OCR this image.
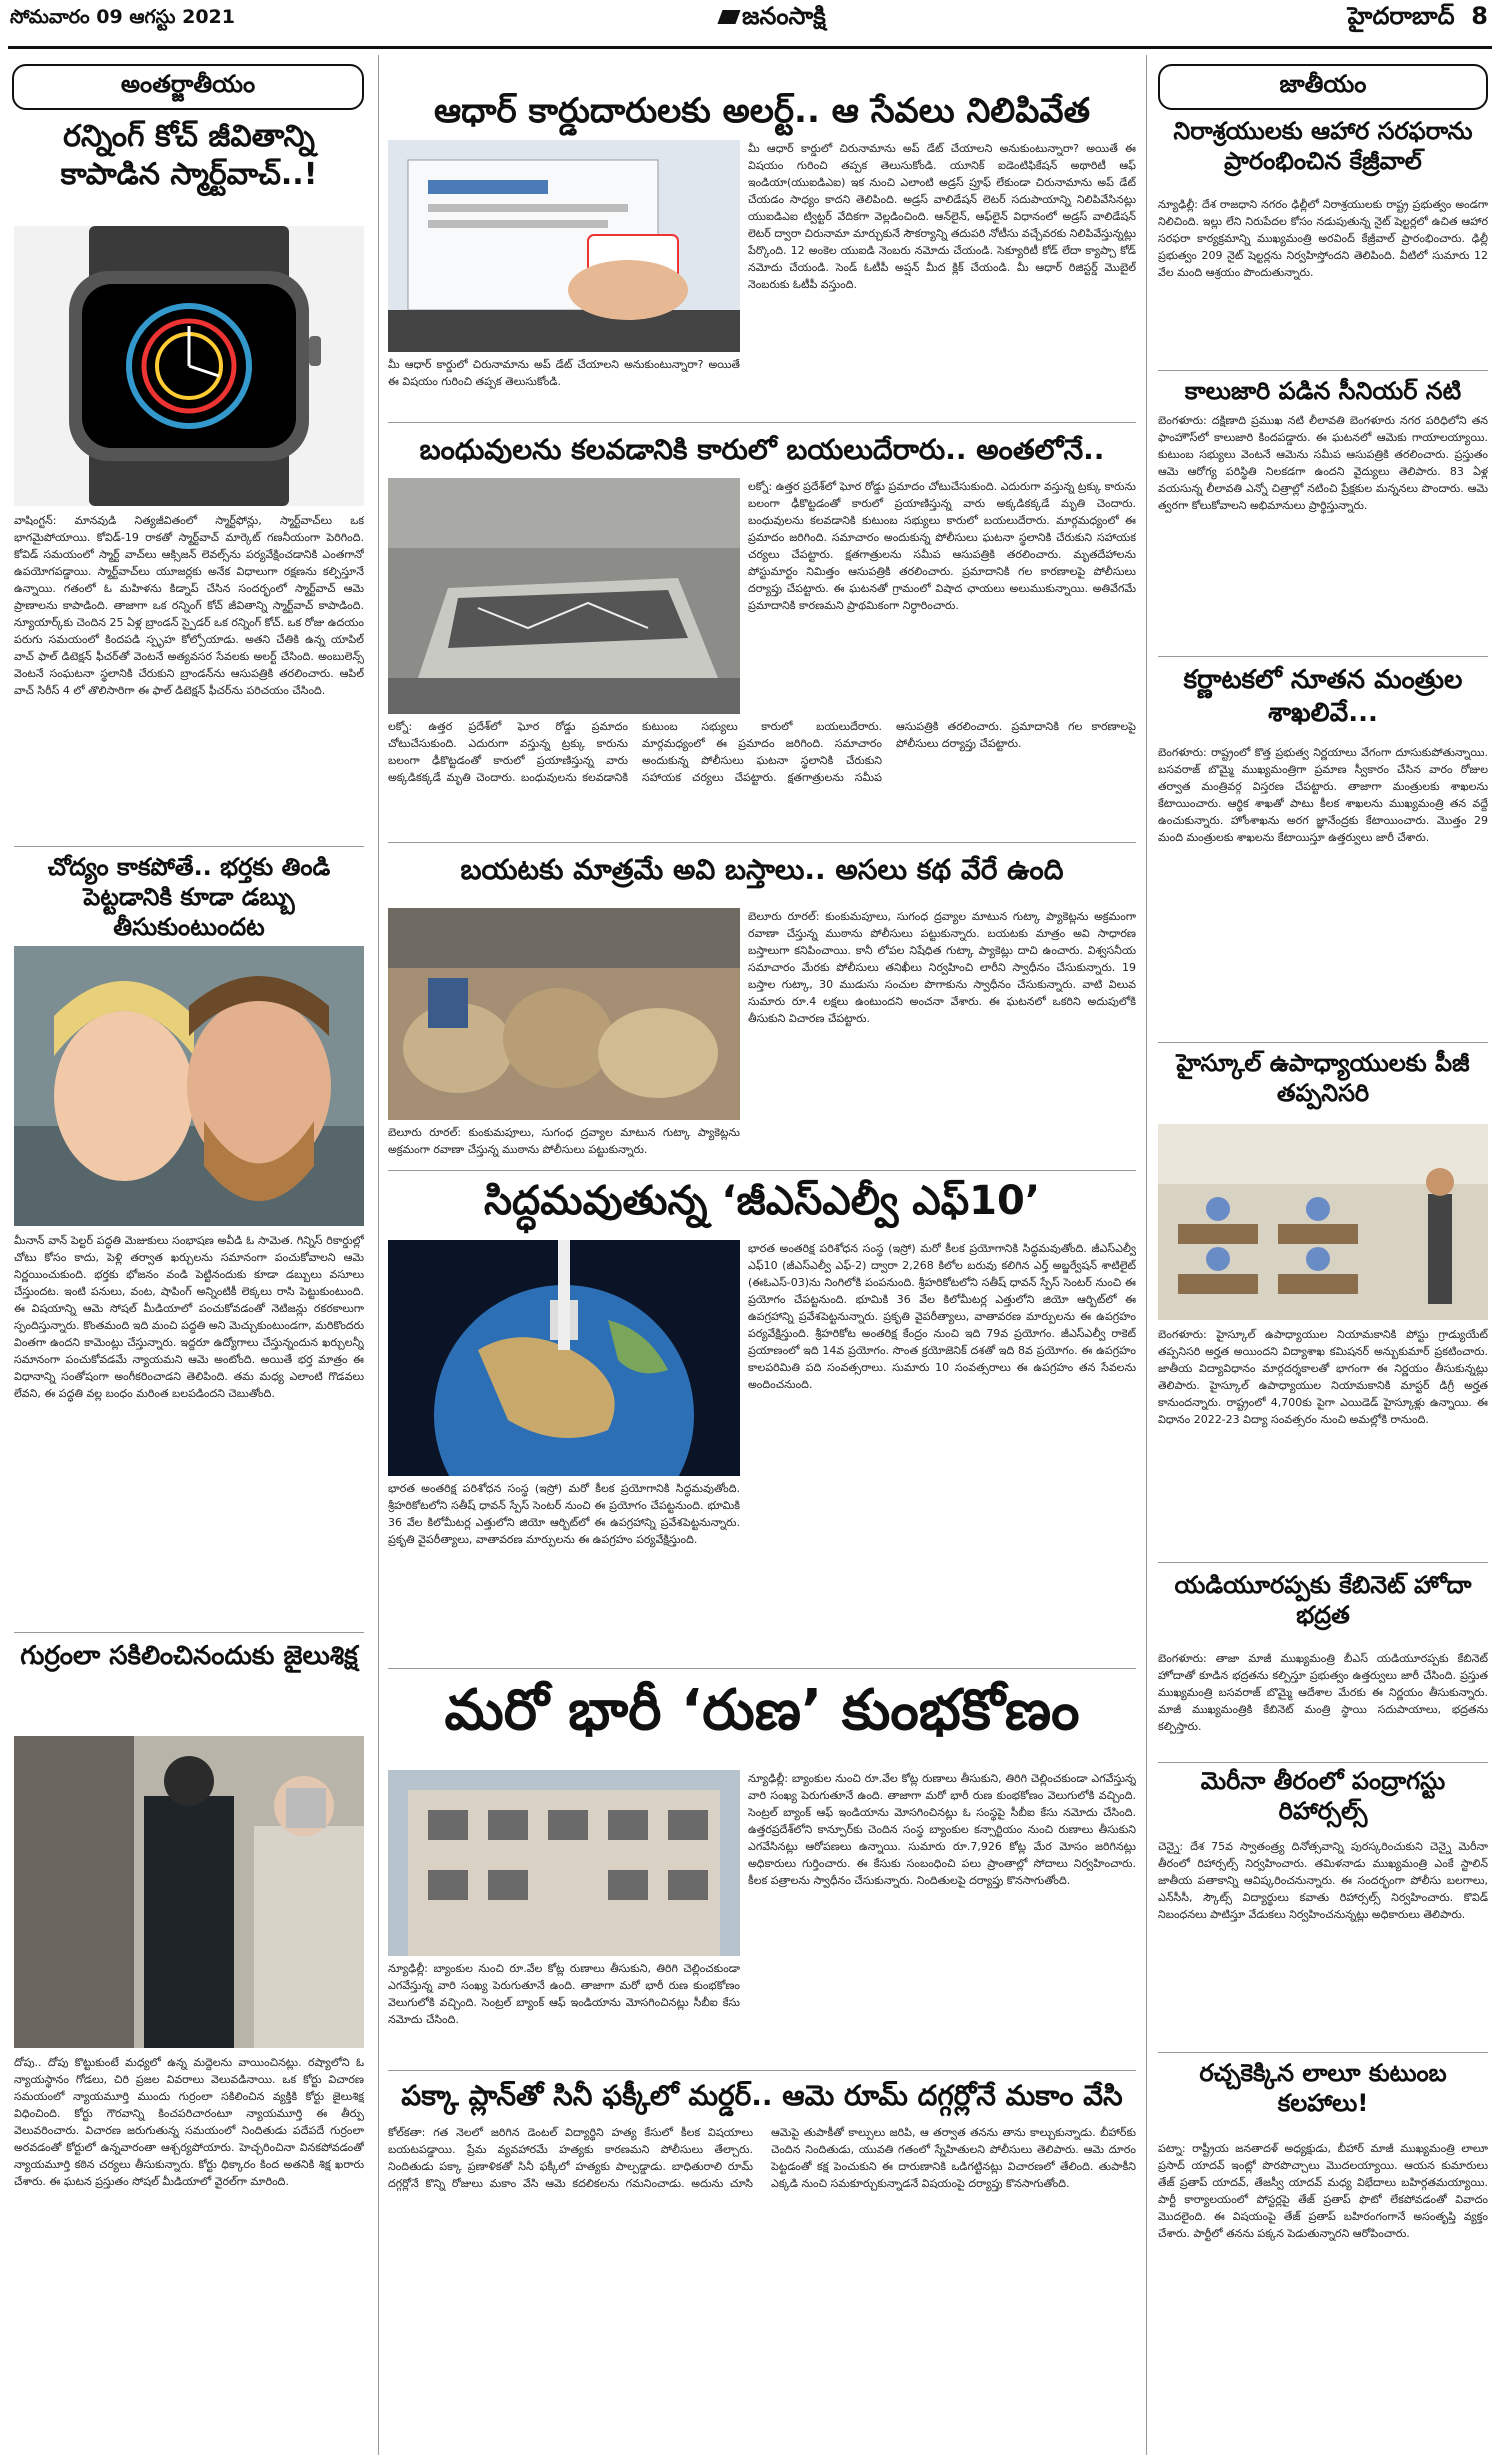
సోమవారం 09 ఆగస్టు 2021	జనంసాక్షి	హైదరాబాద్ 8
అంతర్జాతీయం
రన్నింగ్ కోచ్ జీవితాన్ని కాపాడిన స్మార్ట్‌వాచ్..!
వాషింగ్టన్: మానవుడి నిత్యజీవితంలో స్మార్ట్‌ఫోన్లు, స్మార్ట్‌వాచ్‌లు ఒక భాగమైపోయాయి. కోవిడ్-19 రాకతో స్మార్ట్‌వాచ్ మార్కెట్ గణనీయంగా పెరిగింది. కోవిడ్ సమయంలో స్మార్ట్ వాచ్‌లు ఆక్సిజన్ లెవల్స్‌ను పర్యవేక్షించడానికి ఎంతగానో ఉపయోగపడ్డాయి. స్మార్ట్‌వాచ్‌లు యూజర్లకు అనేక విధాలుగా రక్షణను కల్పిస్తూనే ఉన్నాయి. గతంలో ఓ మహిళను కిడ్నాప్ చేసిన సందర్భంలో స్మార్ట్‌వాచ్ ఆమె ప్రాణాలను కాపాడింది. తాజాగా ఒక రన్నింగ్ కోచ్ జీవితాన్ని స్మార్ట్‌వాచ్ కాపాడింది. న్యూయార్క్‌కు చెందిన 25 ఏళ్ల బ్రాండన్ స్పైడర్ ఒక రన్నింగ్ కోచ్. ఒక రోజు ఉదయం పరుగు సమయంలో కిందపడి స్పృహ కోల్పోయాడు. అతని చేతికి ఉన్న యాపిల్ వాచ్ ఫాల్ డిటెక్షన్ ఫీచర్‌తో వెంటనే అత్యవసర సేవలకు అలర్ట్ చేసింది. అంబులెన్స్ వెంటనే సంఘటనా స్థలానికి చేరుకుని బ్రాండన్‌ను ఆసుపత్రికి తరలించారు. ఆపిల్ వాచ్ సిరీస్ 4 లో తొలిసారిగా ఈ ఫాల్ డిటెక్షన్ ఫీచర్‌ను పరిచయం చేసింది.
చోద్యం కాకపోతే.. భర్తకు తిండి పెట్టడానికి కూడా డబ్బు తీసుకుంటుందట
మీనాన్ వాన్ పెల్టర్ పద్ధతి మెజుకులు సంభాషణ అవీడి ఓ సామెత. గిన్నిస్ రికార్డుల్లో చోటు కోసం కాదు, పెళ్లి తర్వాత ఖర్చులను సమానంగా పంచుకోవాలని ఆమె నిర్ణయించుకుంది. భర్తకు భోజనం వండి పెట్టినందుకు కూడా డబ్బులు వసూలు చేస్తుందట. ఇంటి పనులు, వంట, షాపింగ్ అన్నింటికీ లెక్కలు రాసి పెట్టుకుంటుంది. ఈ విషయాన్ని ఆమె సోషల్ మీడియాలో పంచుకోవడంతో నెటిజన్లు రకరకాలుగా స్పందిస్తున్నారు. కొంతమంది ఇది మంచి పద్ధతి అని మెచ్చుకుంటుండగా, మరికొందరు వింతగా ఉందని కామెంట్లు చేస్తున్నారు. ఇద్దరూ ఉద్యోగాలు చేస్తున్నందున ఖర్చులన్నీ సమానంగా పంచుకోవడమే న్యాయమని ఆమె అంటోంది. అయితే భర్త మాత్రం ఈ విధానాన్ని సంతోషంగా అంగీకరించాడని తెలిపింది. తమ మధ్య ఎలాంటి గొడవలు లేవని, ఈ పద్ధతి వల్ల బంధం మరింత బలపడిందని చెబుతోంది.
గుర్రంలా సకిలించినందుకు జైలుశిక్ష
దోపు.. దోపు కొట్టుకుంటే మధ్యలో ఉన్న మద్దెలను వాయించినట్లు. రష్యాలోని ఓ న్యాయస్థానం గోడలు, చిరి ప్రజల వివరాలు వెలువడినాయి. ఒక కోర్టు విచారణ సమయంలో న్యాయమూర్తి ముందు గుర్రంలా సకిలించిన వ్యక్తికి కోర్టు జైలుశిక్ష విధించింది. కోర్టు గౌరవాన్ని కించపరిచారంటూ న్యాయమూర్తి ఈ తీర్పు వెలువరించారు. విచారణ జరుగుతున్న సమయంలో నిందితుడు పదేపదే గుర్రంలా అరవడంతో కోర్టులో ఉన్నవారంతా ఆశ్చర్యపోయారు. హెచ్చరించినా వినకపోవడంతో న్యాయమూర్తి కఠిన చర్యలు తీసుకున్నారు. కోర్టు ధిక్కారం కింద అతనికి శిక్ష ఖరారు చేశారు. ఈ ఘటన ప్రస్తుతం సోషల్ మీడియాలో వైరల్‌గా మారింది.
ఆధార్ కార్డుదారులకు అలర్ట్.. ఆ సేవలు నిలిపివేత
మీ ఆధార్ కార్డులో చిరునామాను అప్ డేట్ చేయాలని అనుకుంటున్నారా? అయితే ఈ విషయం గురించి తప్పక తెలుసుకోండి. యూనిక్ ఐడెంటిఫికేషన్ అథారిటీ ఆఫ్ ఇండియా(యుఐడిఎఐ) ఇక నుంచి ఎలాంటి అడ్రస్ ప్రూఫ్ లేకుండా చిరునామాను అప్ డేట్ చేయడం సాధ్యం కాదని తెలిపింది. అడ్రస్ వాలిడేషన్ లెటర్ సదుపాయాన్ని నిలిపివేసినట్లు యుఐడిఎఐ ట్విట్టర్ వేదికగా వెల్లడించింది. ఆన్‌లైన్, ఆఫ్‌లైన్ విధానంలో అడ్రస్ వాలిడేషన్ లెటర్ ద్వారా చిరునామా మార్చుకునే సౌకర్యాన్ని తదుపరి నోటీసు వచ్చేవరకు నిలిపివేస్తున్నట్లు పేర్కొంది. 12 అంకెల యుఐడి నెంబరు నమోదు చేయండి. సెక్యూరిటీ కోడ్ లేదా క్యాప్చా కోడ్ నమోదు చేయండి. సెండ్ ఓటీపీ అప్షన్ మీద క్లిక్ చేయండి. మీ ఆధార్ రిజిస్టర్డ్ మొబైల్ నెంబరుకు ఓటీపీ వస్తుంది.
మీ ఆధార్ కార్డులో చిరునామాను అప్ డేట్ చేయాలని అనుకుంటున్నారా? అయితే ఈ విషయం గురించి తప్పక తెలుసుకోండి.
బంధువులను కలవడానికి కారులో బయలుదేరారు.. అంతలోనే..
లక్నో: ఉత్తర ప్రదేశ్‌లో ఘోర రోడ్డు ప్రమాదం చోటుచేసుకుంది. ఎదురుగా వస్తున్న ట్రక్కు కారును బలంగా ఢీకొట్టడంతో కారులో ప్రయాణిస్తున్న వారు అక్కడికక్కడే మృతి చెందారు. బంధువులను కలవడానికి కుటుంబ సభ్యులు కారులో బయలుదేరారు. మార్గమధ్యంలో ఈ ప్రమాదం జరిగింది. సమాచారం అందుకున్న పోలీసులు ఘటనా స్థలానికి చేరుకుని సహాయక చర్యలు చేపట్టారు. క్షతగాత్రులను సమీప ఆసుపత్రికి తరలించారు. మృతదేహాలను పోస్టుమార్టం నిమిత్తం ఆసుపత్రికి తరలించారు. ప్రమాదానికి గల కారణాలపై పోలీసులు దర్యాప్తు చేపట్టారు. ఈ ఘటనతో గ్రామంలో విషాద ఛాయలు అలుముకున్నాయి. అతివేగమే ప్రమాదానికి కారణమని ప్రాథమికంగా నిర్ధారించారు.
లక్నో: ఉత్తర ప్రదేశ్‌లో ఘోర రోడ్డు ప్రమాదం చోటుచేసుకుంది. ఎదురుగా వస్తున్న ట్రక్కు కారును బలంగా ఢీకొట్టడంతో కారులో ప్రయాణిస్తున్న వారు అక్కడికక్కడే మృతి చెందారు. బంధువులను కలవడానికి కుటుంబ సభ్యులు కారులో బయలుదేరారు. మార్గమధ్యంలో ఈ ప్రమాదం జరిగింది. సమాచారం అందుకున్న పోలీసులు ఘటనా స్థలానికి చేరుకుని సహాయక చర్యలు చేపట్టారు. క్షతగాత్రులను సమీప ఆసుపత్రికి తరలించారు. ప్రమాదానికి గల కారణాలపై పోలీసులు దర్యాప్తు చేపట్టారు.
బయటకు మాత్రమే అవి బస్తాలు.. అసలు కథ వేరే ఉంది
బెలూరు రూరల్: కుంకుమపూలు, సుగంధ ద్రవ్యాల మాటున గుట్కా ప్యాకెట్లను అక్రమంగా రవాణా చేస్తున్న ముఠాను పోలీసులు పట్టుకున్నారు. బయటకు మాత్రం అవి సాధారణ బస్తాలుగా కనిపించాయి. కానీ లోపల నిషేధిత గుట్కా ప్యాకెట్లు దాచి ఉంచారు. విశ్వసనీయ సమాచారం మేరకు పోలీసులు తనిఖీలు నిర్వహించి లారీని స్వాధీనం చేసుకున్నారు. 19 బస్తాల గుట్కా, 30 ముడుసు సంచుల పొగాకును స్వాధీనం చేసుకున్నారు. వాటి విలువ సుమారు రూ.4 లక్షలు ఉంటుందని అంచనా వేశారు. ఈ ఘటనలో ఒకరిని అదుపులోకి తీసుకుని విచారణ చేపట్టారు.
బెలూరు రూరల్: కుంకుమపూలు, సుగంధ ద్రవ్యాల మాటున గుట్కా ప్యాకెట్లను అక్రమంగా రవాణా చేస్తున్న ముఠాను పోలీసులు పట్టుకున్నారు.
సిద్ధమవుతున్న ‘జీఎస్ఎల్వీ ఎఫ్10’
భారత అంతరిక్ష పరిశోధన సంస్థ (ఇస్రో) మరో కీలక ప్రయోగానికి సిద్ధమవుతోంది. జీఎస్ఎల్వీ ఎఫ్10 (జీఎస్ఎల్వీ ఎఫ్‌-2) ద్వారా 2,268 కిలోల బరువు కలిగిన ఎర్త్ అబ్జర్వేషన్ శాటిలైట్ (ఈఓఎస్-03)ను నింగిలోకి పంపనుంది. శ్రీహరికోటలోని సతీష్ ధావన్ స్పేస్ సెంటర్ నుంచి ఈ ప్రయోగం చేపట్టనుంది. భూమికి 36 వేల కిలోమీటర్ల ఎత్తులోని జియో ఆర్బిట్‌లో ఈ ఉపగ్రహాన్ని ప్రవేశపెట్టనున్నారు. ప్రకృతి వైపరీత్యాలు, వాతావరణ మార్పులను ఈ ఉపగ్రహం పర్యవేక్షిస్తుంది. శ్రీహరికోట అంతరిక్ష కేంద్రం నుంచి ఇది 79వ ప్రయోగం. జీఎస్ఎల్వీ రాకెట్ ప్రయాణంలో ఇది 14వ ప్రయోగం. సొంత క్రయోజెనిక్ దశతో ఇది 8వ ప్రయోగం. ఈ ఉపగ్రహం కాలపరిమితి పది సంవత్సరాలు. సుమారు 10 సంవత్సరాలు ఈ ఉపగ్రహం తన సేవలను అందించనుంది.
భారత అంతరిక్ష పరిశోధన సంస్థ (ఇస్రో) మరో కీలక ప్రయోగానికి సిద్ధమవుతోంది. శ్రీహరికోటలోని సతీష్ ధావన్ స్పేస్ సెంటర్ నుంచి ఈ ప్రయోగం చేపట్టనుంది. భూమికి 36 వేల కిలోమీటర్ల ఎత్తులోని జియో ఆర్బిట్‌లో ఈ ఉపగ్రహాన్ని ప్రవేశపెట్టనున్నారు. ప్రకృతి వైపరీత్యాలు, వాతావరణ మార్పులను ఈ ఉపగ్రహం పర్యవేక్షిస్తుంది.
మరో భారీ ‘రుణ’ కుంభకోణం
న్యూఢిల్లీ: బ్యాంకుల నుంచి రూ.వేల కోట్ల రుణాలు తీసుకుని, తిరిగి చెల్లించకుండా ఎగవేస్తున్న వారి సంఖ్య పెరుగుతూనే ఉంది. తాజాగా మరో భారీ రుణ కుంభకోణం వెలుగులోకి వచ్చింది. సెంట్రల్ బ్యాంక్ ఆఫ్ ఇండియాను మోసగించినట్లు ఓ సంస్థపై సీబీఐ కేసు నమోదు చేసింది. ఉత్తరప్రదేశ్‌లోని కాన్పూర్‌కు చెందిన సంస్థ బ్యాంకుల కన్సార్టియం నుంచి రుణాలు తీసుకుని ఎగవేసినట్లు ఆరోపణలు ఉన్నాయి. సుమారు రూ.7,926 కోట్ల మేర మోసం జరిగినట్లు అధికారులు గుర్తించారు. ఈ కేసుకు సంబంధించి పలు ప్రాంతాల్లో సోదాలు నిర్వహించారు. కీలక పత్రాలను స్వాధీనం చేసుకున్నారు. నిందితులపై దర్యాప్తు కొనసాగుతోంది.
న్యూఢిల్లీ: బ్యాంకుల నుంచి రూ.వేల కోట్ల రుణాలు తీసుకుని, తిరిగి చెల్లించకుండా ఎగవేస్తున్న వారి సంఖ్య పెరుగుతూనే ఉంది. తాజాగా మరో భారీ రుణ కుంభకోణం వెలుగులోకి వచ్చింది. సెంట్రల్ బ్యాంక్ ఆఫ్ ఇండియాను మోసగించినట్లు సీబీఐ కేసు నమోదు చేసింది.
పక్కా ప్లాన్‌తో సినీ ఫక్కీలో మర్డర్.. ఆమె రూమ్ దగ్గర్లోనే మకాం వేసి
కోల్‌కతా: గత నెలలో జరిగిన డెంటల్ విద్యార్థిని హత్య కేసులో కీలక విషయాలు బయటపడ్డాయి. ప్రేమ వ్యవహారమే హత్యకు కారణమని పోలీసులు తేల్చారు. నిందితుడు పక్కా ప్రణాళికతో సినీ ఫక్కీలో హత్యకు పాల్పడ్డాడు. బాధితురాలి రూమ్ దగ్గర్లోనే కొన్ని రోజులు మకాం వేసి ఆమె కదలికలను గమనించాడు. అదును చూసి ఆమెపై తుపాకీతో కాల్పులు జరిపి, ఆ తర్వాత తనను తాను కాల్చుకున్నాడు. బీహార్‌కు చెందిన నిందితుడు, యువతి గతంలో స్నేహితులని పోలీసులు తెలిపారు. ఆమె దూరం పెట్టడంతో కక్ష పెంచుకుని ఈ దారుణానికి ఒడిగట్టినట్లు విచారణలో తేలింది. తుపాకీని ఎక్కడి నుంచి సమకూర్చుకున్నాడనే విషయంపై దర్యాప్తు కొనసాగుతోంది.
జాతీయం
నిరాశ్రయులకు ఆహార సరఫరాను ప్రారంభించిన కేజ్రీవాల్
న్యూఢిల్లీ: దేశ రాజధాని నగరం ఢిల్లీలో నిరాశ్రయులకు రాష్ట్ర ప్రభుత్వం అండగా నిలిచింది. ఇల్లు లేని నిరుపేదల కోసం నడుపుతున్న నైట్ షెల్టర్లలో ఉచిత ఆహార సరఫరా కార్యక్రమాన్ని ముఖ్యమంత్రి అరవింద్ కేజ్రీవాల్ ప్రారంభించారు. ఢిల్లీ ప్రభుత్వం 209 నైట్ షెల్టర్లను నిర్వహిస్తోందని తెలిపింది. వీటిలో సుమారు 12 వేల మంది ఆశ్రయం పొందుతున్నారు.
కాలుజారి పడిన సీనియర్ నటి
బెంగళూరు: దక్షిణాది ప్రముఖ నటి లీలావతి బెంగళూరు నగర పరిధిలోని తన ఫాంహౌస్‌లో కాలుజారి కిందపడ్డారు. ఈ ఘటనలో ఆమెకు గాయాలయ్యాయి. కుటుంబ సభ్యులు వెంటనే ఆమెను సమీప ఆసుపత్రికి తరలించారు. ప్రస్తుతం ఆమె ఆరోగ్య పరిస్థితి నిలకడగా ఉందని వైద్యులు తెలిపారు. 83 ఏళ్ల వయసున్న లీలావతి ఎన్నో చిత్రాల్లో నటించి ప్రేక్షకుల మన్ననలు పొందారు. ఆమె త్వరగా కోలుకోవాలని అభిమానులు ప్రార్థిస్తున్నారు.
కర్ణాటకలో నూతన మంత్రుల శాఖలివే...
బెంగళూరు: రాష్ట్రంలో కొత్త ప్రభుత్వ నిర్ణయాలు వేగంగా దూసుకుపోతున్నాయి. బసవరాజ్ బొమ్మై ముఖ్యమంత్రిగా ప్రమాణ స్వీకారం చేసిన వారం రోజుల తర్వాత మంత్రివర్గ విస్తరణ చేపట్టారు. తాజాగా మంత్రులకు శాఖలను కేటాయించారు. ఆర్థిక శాఖతో పాటు కీలక శాఖలను ముఖ్యమంత్రి తన వద్దే ఉంచుకున్నారు. హోంశాఖను అరగ జ్ఞానేంద్రకు కేటాయించారు. మొత్తం 29 మంది మంత్రులకు శాఖలను కేటాయిస్తూ ఉత్తర్వులు జారీ చేశారు.
హైస్కూల్ ఉపాధ్యాయులకు పీజీ తప్పనిసరి
బెంగళూరు: హైస్కూల్ ఉపాధ్యాయుల నియామకానికి పోస్టు గ్రాడ్యుయేట్ తప్పనిసరి అర్హత అయిందని విద్యాశాఖ కమిషనర్ అన్బుకుమార్ ప్రకటించారు. జాతీయ విద్యావిధానం మార్గదర్శకాలతో భాగంగా ఈ నిర్ణయం తీసుకున్నట్లు తెలిపారు. హైస్కూల్ ఉపాధ్యాయుల నియామకానికి మాస్టర్ డిగ్రీ అర్హత కానుందన్నారు. రాష్ట్రంలో 4,700కు పైగా ఎయిడెడ్ హైస్కూళ్లు ఉన్నాయి. ఈ విధానం 2022-23 విద్యా సంవత్సరం నుంచి అమల్లోకి రానుంది.
యడియూరప్పకు కేబినెట్ హోదా భద్రత
బెంగళూరు: తాజా మాజీ ముఖ్యమంత్రి బీఎస్ యడియూరప్పకు కేబినెట్ హోదాతో కూడిన భద్రతను కల్పిస్తూ ప్రభుత్వం ఉత్తర్వులు జారీ చేసింది. ప్రస్తుత ముఖ్యమంత్రి బసవరాజ్ బొమ్మై ఆదేశాల మేరకు ఈ నిర్ణయం తీసుకున్నారు. మాజీ ముఖ్యమంత్రికి కేబినెట్ మంత్రి స్థాయి సదుపాయాలు, భద్రతను కల్పిస్తారు.
మెరీనా తీరంలో పంద్రాగస్టు రిహార్సల్స్
చెన్నై: దేశ 75వ స్వాతంత్ర్య దినోత్సవాన్ని పురస్కరించుకుని చెన్నై మెరీనా తీరంలో రిహార్సల్స్ నిర్వహించారు. తమిళనాడు ముఖ్యమంత్రి ఎంకే స్టాలిన్ జాతీయ పతాకాన్ని ఆవిష్కరించనున్నారు. ఈ సందర్భంగా పోలీసు బలగాలు, ఎన్‌సీసీ, స్కౌట్స్ విద్యార్థులు కవాతు రిహార్సల్స్ నిర్వహించారు. కొవిడ్ నిబంధనలు పాటిస్తూ వేడుకలు నిర్వహించనున్నట్లు అధికారులు తెలిపారు.
రచ్చకెక్కిన లాలూ కుటుంబ కలహాలు!
పట్నా: రాష్ట్రీయ జనతాదళ్ అధ్యక్షుడు, బీహార్ మాజీ ముఖ్యమంత్రి లాలూ ప్రసాద్ యాదవ్ ఇంట్లో పొరపొచ్చాలు మొదలయ్యాయి. ఆయన కుమారులు తేజ్ ప్రతాప్ యాదవ్, తేజస్వీ యాదవ్ మధ్య విభేదాలు బహిర్గతమయ్యాయి. పార్టీ కార్యాలయంలో పోస్టర్లపై తేజ్ ప్రతాప్ ఫొటో లేకపోవడంతో వివాదం మొదలైంది. ఈ విషయంపై తేజ్ ప్రతాప్ బహిరంగంగానే అసంతృప్తి వ్యక్తం చేశారు. పార్టీలో తనను పక్కన పెడుతున్నారని ఆరోపించారు.
